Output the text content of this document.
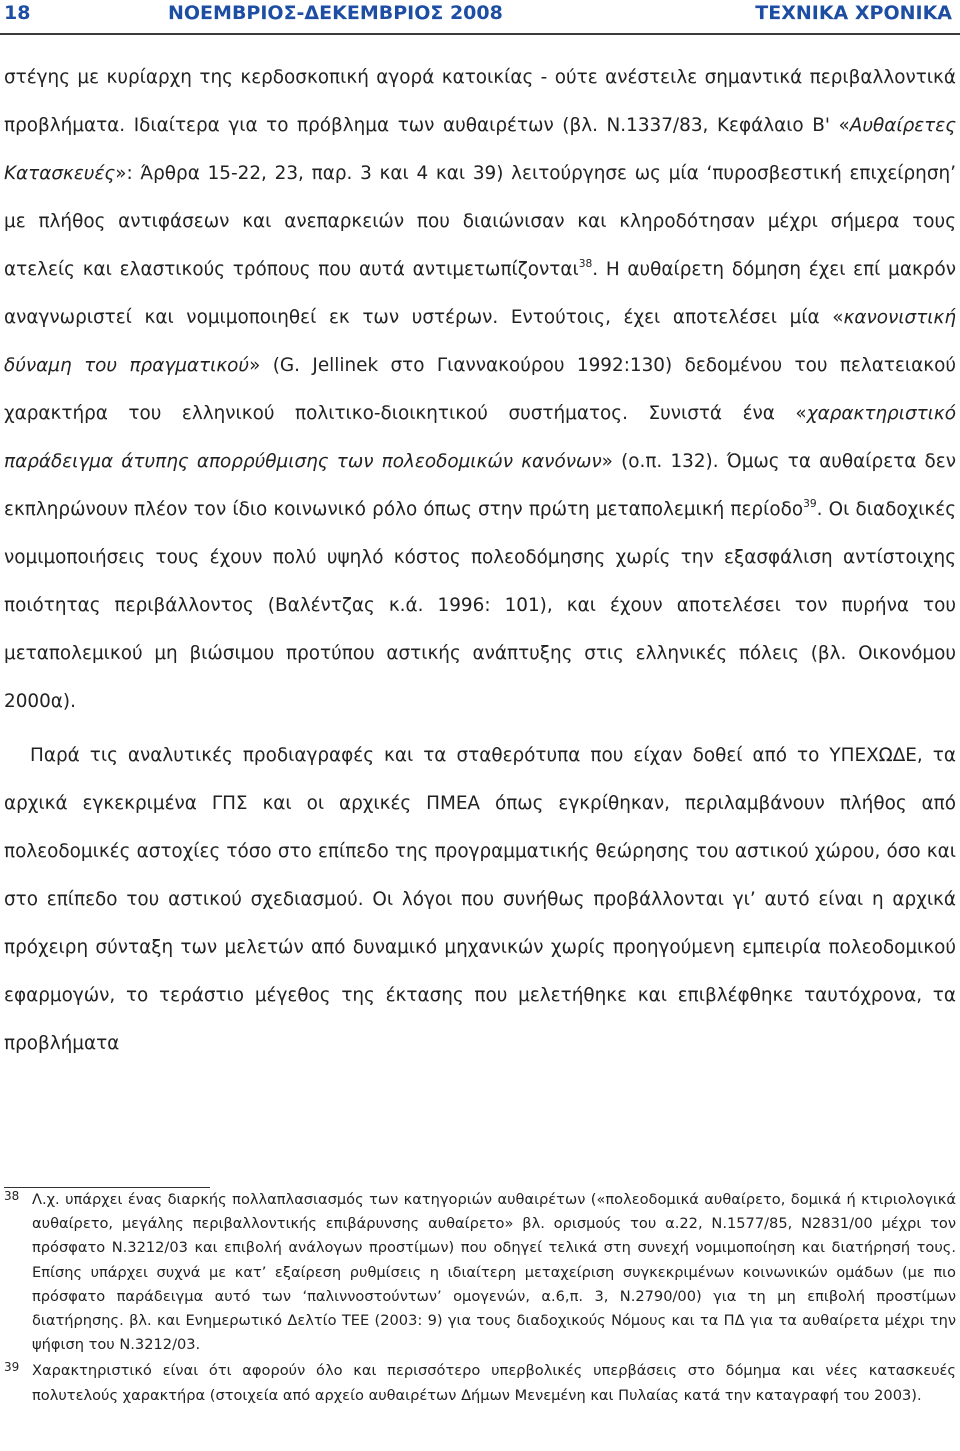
18	ΝΟΕΜΒΡΙΟΣ-ΔΕΚΕΜΒΡΙΟΣ 2008	ΤΕΧΝΙΚΑ ΧΡΟΝΙΚΑ

στέγης με κυρίαρχη της κερδοσκοπική αγορά κατοικίας - ούτε ανέστειλε σημαντικά περιβαλλοντικά προβλήματα. Ιδιαίτερα για το πρόβλημα των αυθαιρέτων (βλ. Ν.1337/83, Κεφάλαιο Β' «Αυθαίρετες Κατασκευές»: Άρθρα 15-22, 23, παρ. 3 και 4 και 39) λειτούργησε ως μία ‘πυροσβεστική επιχείρηση’ με πλήθος αντιφάσεων και ανεπαρκειών που διαιώνισαν και κληροδότησαν μέχρι σήμερα τους ατελείς και ελαστικούς τρόπους που αυτά αντιμετωπίζονται$^{38}$. Η αυθαίρετη δόμηση έχει επί μακρόν αναγνωριστεί και νομιμοποιηθεί εκ των υστέρων. Εντούτοις, έχει αποτελέσει μία «κανονιστική δύναμη του πραγματικού» (G. Jellinek στο Γιαννακούρου 1992:130) δεδομένου του πελατειακού χαρακτήρα του ελληνικού πολιτικο-διοικητικού συστήματος. Συνιστά ένα «χαρακτηριστικό παράδειγμα άτυπης απορρύθμισης των πολεοδομικών κανόνων» (ο.π. 132). Όμως τα αυθαίρετα δεν εκπληρώνουν πλέον τον ίδιο κοινωνικό ρόλο όπως στην πρώτη μεταπολεμική περίοδο$^{39}$. Οι διαδοχικές νομιμοποιήσεις τους έχουν πολύ υψηλό κόστος πολεοδόμησης χωρίς την εξασφάλιση αντίστοιχης ποιότητας περιβάλλοντος (Βαλέντζας κ.ά. 1996: 101), και έχουν αποτελέσει τον πυρήνα του μεταπολεμικού μη βιώσιμου προτύπου αστικής ανάπτυξης στις ελληνικές πόλεις (βλ. Οικονόμου 2000α).

Παρά τις αναλυτικές προδιαγραφές και τα σταθερότυπα που είχαν δοθεί από το ΥΠΕΧΩΔΕ, τα αρχικά εγκεκριμένα ΓΠΣ και οι αρχικές ΠΜΕΑ όπως εγκρίθηκαν, περιλαμβάνουν πλήθος από πολεοδομικές αστοχίες τόσο στο επίπεδο της προγραμματικής θεώρησης του αστικού χώρου, όσο και στο επίπεδο του αστικού σχεδιασμού. Οι λόγοι που συνήθως προβάλλονται γι’ αυτό είναι η αρχικά πρόχειρη σύνταξη των μελετών από δυναμικό μηχανικών χωρίς προηγούμενη εμπειρία πολεοδομικού εφαρμογών, το τεράστιο μέγεθος της έκτασης που μελετήθηκε και επιβλέφθηκε ταυτόχρονα, τα προβλήματα

38 Λ.χ. υπάρχει ένας διαρκής πολλαπλασιασμός των κατηγοριών αυθαιρέτων («πολεοδομικά αυθαίρετο, δομικά ή κτιριολογικά αυθαίρετο, μεγάλης περιβαλλοντικής επιβάρυνσης αυθαίρετο» βλ. ορισμούς του α.22, Ν.1577/85, Ν2831/00 μέχρι τον πρόσφατο Ν.3212/03 και επιβολή ανάλογων προστίμων) που οδηγεί τελικά στη συνεχή νομιμοποίηση και διατήρησή τους. Επίσης υπάρχει συχνά με κατ’ εξαίρεση ρυθμίσεις η ιδιαίτερη μεταχείριση συγκεκριμένων κοινωνικών ομάδων (με πιο πρόσφατο παράδειγμα αυτό των ‘παλιννοστούντων’ ομογενών, α.6,π. 3, Ν.2790/00) για τη μη επιβολή προστίμων διατήρησης. βλ. και Ενημερωτικό Δελτίο ΤΕΕ (2003: 9) για τους διαδοχικούς Νόμους και τα ΠΔ για τα αυθαίρετα μέχρι την ψήφιση του Ν.3212/03.
39 Χαρακτηριστικό είναι ότι αφορούν όλο και περισσότερο υπερβολικές υπερβάσεις στο δόμημα και νέες κατασκευές πολυτελούς χαρακτήρα (στοιχεία από αρχείο αυθαιρέτων Δήμων Μενεμένη και Πυλαίας κατά την καταγραφή του 2003).
